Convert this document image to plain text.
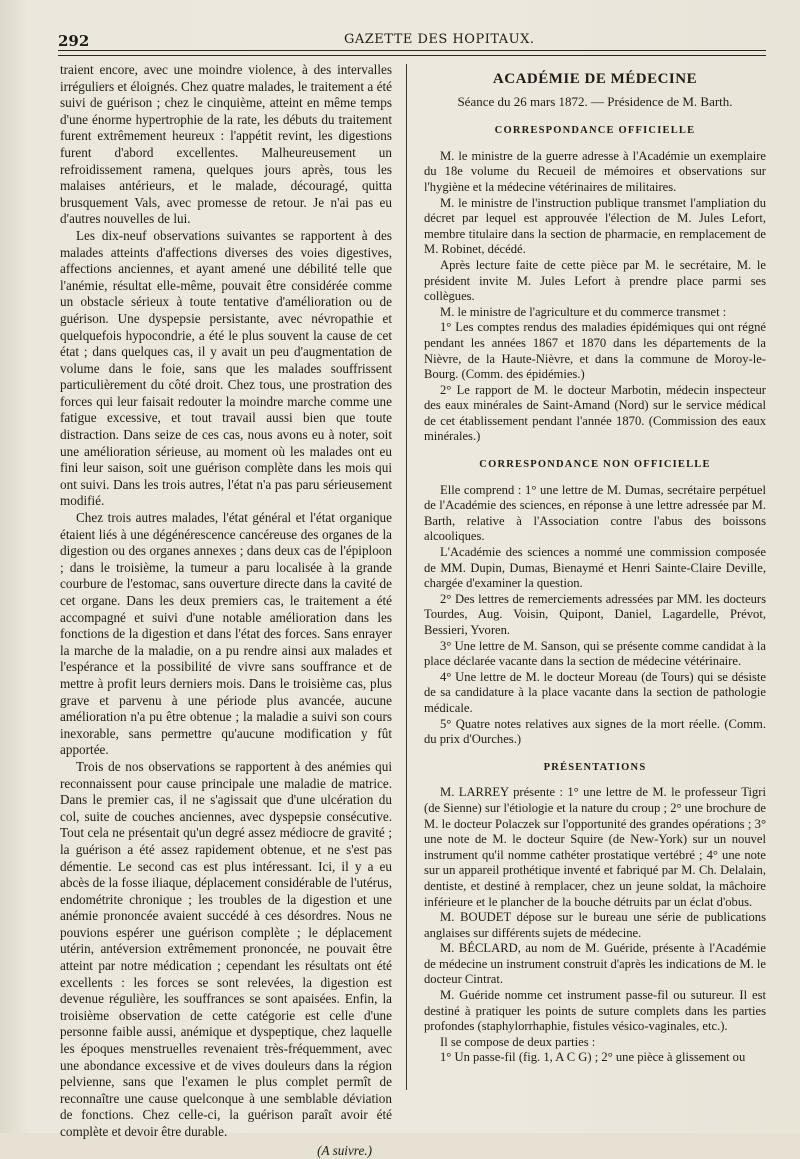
292	GAZETTE DES HOPITAUX.

traient encore, avec une moindre violence, à des intervalles irréguliers et éloignés. Chez quatre malades, le traitement a été suivi de guérison ; chez le cinquième, atteint en même temps d'une énorme hypertrophie de la rate, les débuts du traitement furent extrêmement heureux : l'appétit revint, les digestions furent d'abord excellentes. Malheureusement un refroidissement ramena, quelques jours après, tous les malaises antérieurs, et le malade, découragé, quitta brusquement Vals, avec promesse de retour. Je n'ai pas eu d'autres nouvelles de lui.

Les dix-neuf observations suivantes se rapportent à des malades atteints d'affections diverses des voies digestives, affections anciennes, et ayant amené une débilité telle que l'anémie, résultat elle-même, pouvait être considérée comme un obstacle sérieux à toute tentative d'amélioration ou de guérison. Une dyspepsie persistante, avec névropathie et quelquefois hypocondrie, a été le plus souvent la cause de cet état ; dans quelques cas, il y avait un peu d'augmentation de volume dans le foie, sans que les malades souffrissent particulièrement du côté droit. Chez tous, une prostration des forces qui leur faisait redouter la moindre marche comme une fatigue excessive, et tout travail aussi bien que toute distraction. Dans seize de ces cas, nous avons eu à noter, soit une amélioration sérieuse, au moment où les malades ont eu fini leur saison, soit une guérison complète dans les mois qui ont suivi. Dans les trois autres, l'état n'a pas paru sérieusement modifié.

Chez trois autres malades, l'état général et l'état organique étaient liés à une dégénérescence cancéreuse des organes de la digestion ou des organes annexes ; dans deux cas de l'épiploon ; dans le troisième, la tumeur a paru localisée à la grande courbure de l'estomac, sans ouverture directe dans la cavité de cet organe. Dans les deux premiers cas, le traitement a été accompagné et suivi d'une notable amélioration dans les fonctions de la digestion et dans l'état des forces. Sans enrayer la marche de la maladie, on a pu rendre ainsi aux malades et l'espérance et la possibilité de vivre sans souffrance et de mettre à profit leurs derniers mois. Dans le troisième cas, plus grave et parvenu à une période plus avancée, aucune amélioration n'a pu être obtenue ; la maladie a suivi son cours inexorable, sans permettre qu'aucune modification y fût apportée.

Trois de nos observations se rapportent à des anémies qui reconnaissent pour cause principale une maladie de matrice. Dans le premier cas, il ne s'agissait que d'une ulcération du col, suite de couches anciennes, avec dyspepsie consécutive. Tout cela ne présentait qu'un degré assez médiocre de gravité ; la guérison a été assez rapidement obtenue, et ne s'est pas démentie. Le second cas est plus intéressant. Ici, il y a eu abcès de la fosse iliaque, déplacement considérable de l'utérus, endométrite chronique ; les troubles de la digestion et une anémie prononcée avaient succédé à ces désordres. Nous ne pouvions espérer une guérison complète ; le déplacement utérin, antéversion extrêmement prononcée, ne pouvait être atteint par notre médication ; cependant les résultats ont été excellents : les forces se sont relevées, la digestion est devenue régulière, les souffrances se sont apaisées. Enfin, la troisième observation de cette catégorie est celle d'une personne faible aussi, anémique et dyspeptique, chez laquelle les époques menstruelles revenaient très-fréquemment, avec une abondance excessive et de vives douleurs dans la région pelvienne, sans que l'examen le plus complet permît de reconnaître une cause quelconque à une semblable déviation de fonctions. Chez celle-ci, la guérison paraît avoir été complète et devoir être durable.

(A suivre.)
ACADÉMIE DE MÉDECINE
Séance du 26 mars 1872. — Présidence de M. Barth.
CORRESPONDANCE OFFICIELLE

M. le ministre de la guerre adresse à l'Académie un exemplaire du 18e volume du Recueil de mémoires et observations sur l'hygiène et la médecine vétérinaires de militaires.

M. le ministre de l'instruction publique transmet l'ampliation du décret par lequel est approuvée l'élection de M. Jules Lefort, membre titulaire dans la section de pharmacie, en remplacement de M. Robinet, décédé.

Après lecture faite de cette pièce par M. le secrétaire, M. le président invite M. Jules Lefort à prendre place parmi ses collègues.

M. le ministre de l'agriculture et du commerce transmet :

1° Les comptes rendus des maladies épidémiques qui ont régné pendant les années 1867 et 1870 dans les départements de la Nièvre, de la Haute-Nièvre, et dans la commune de Moroy-le-Bourg. (Comm. des épidémies.)

2° Le rapport de M. le docteur Marbotin, médecin inspecteur des eaux minérales de Saint-Amand (Nord) sur le service médical de cet établissement pendant l'année 1870. (Commission des eaux minérales.)

CORRESPONDANCE NON OFFICIELLE

Elle comprend : 1° une lettre de M. Dumas, secrétaire perpétuel de l'Académie des sciences, en réponse à une lettre adressée par M. Barth, relative à l'Association contre l'abus des boissons alcooliques.

L'Académie des sciences a nommé une commission composée de MM. Dupin, Dumas, Bienaymé et Henri Sainte-Claire Deville, chargée d'examiner la question.

2° Des lettres de remerciements adressées par MM. les docteurs Tourdes, Aug. Voisin, Quipont, Daniel, Lagardelle, Prévot, Bessieri, Yvoren.

3° Une lettre de M. Sanson, qui se présente comme candidat à la place déclarée vacante dans la section de médecine vétérinaire.

4° Une lettre de M. le docteur Moreau (de Tours) qui se désiste de sa candidature à la place vacante dans la section de pathologie médicale.

5° Quatre notes relatives aux signes de la mort réelle. (Comm. du prix d'Ourches.)

PRÉSENTATIONS

M. LARREY présente : 1° une lettre de M. le professeur Tigri (de Sienne) sur l'étiologie et la nature du croup ; 2° une brochure de M. le docteur Polaczek sur l'opportunité des grandes opérations ; 3° une note de M. le docteur Squire (de New-York) sur un nouvel instrument qu'il nomme cathéter prostatique vertébré ; 4° une note sur un appareil prothétique inventé et fabriqué par M. Ch. Delalain, dentiste, et destiné à remplacer, chez un jeune soldat, la mâchoire inférieure et le plancher de la bouche détruits par un éclat d'obus.

M. BOUDET dépose sur le bureau une série de publications anglaises sur différents sujets de médecine.

M. BÉCLARD, au nom de M. Guéride, présente à l'Académie de médecine un instrument construit d'après les indications de M. le docteur Cintrat.

M. Guéride nomme cet instrument passe-fil ou sutureur. Il est destiné à pratiquer les points de suture complets dans les parties profondes (staphylorrhaphie, fistules vésico-vaginales, etc.).

Il se compose de deux parties :

1° Un passe-fil (fig. 1, A C G) ; 2° une pièce à glissement ou
